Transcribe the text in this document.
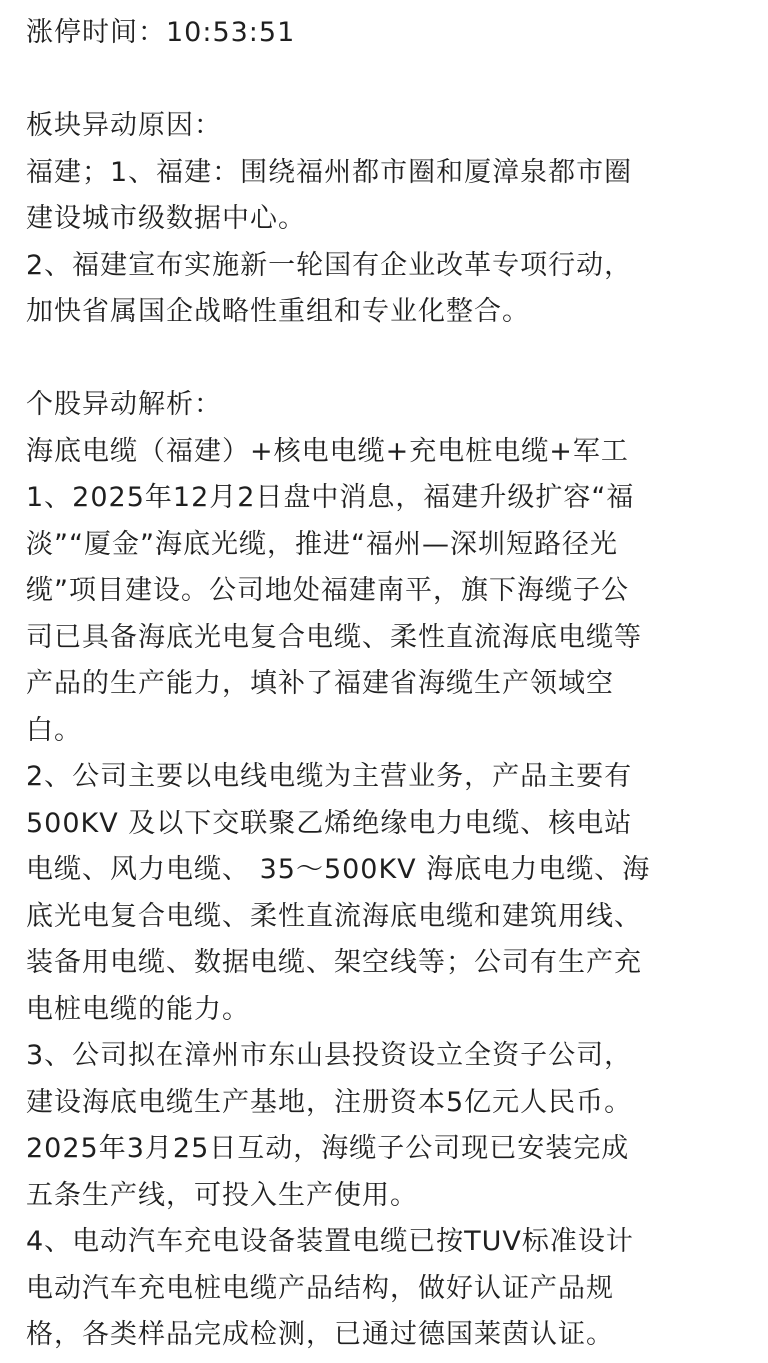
涨停时间：10:53:51
板块异动原因：
福建；1、福建：围绕福州都市圈和厦漳泉都市圈
建设城市级数据中心。
2、福建宣布实施新一轮国有企业改革专项行动，
加快省属国企战略性重组和专业化整合。
个股异动解析：
海底电缆（福建）+核电电缆+充电桩电缆+军工
1、2025年12月2日盘中消息，福建升级扩容“福
淡”“厦金”海底光缆，推进“福州—深圳短路径光
缆”项目建设。公司地处福建南平，旗下海缆子公
司已具备海底光电复合电缆、柔性直流海底电缆等
产品的生产能力，填补了福建省海缆生产领域空
白。
2、公司主要以电线电缆为主营业务，产品主要有
500KV 及以下交联聚乙烯绝缘电力电缆、核电站
电缆、风力电缆、 35～500KV 海底电力电缆、海
底光电复合电缆、柔性直流海底电缆和建筑用线、
装备用电缆、数据电缆、架空线等；公司有生产充
电桩电缆的能力。
3、公司拟在漳州市东山县投资设立全资子公司，
建设海底电缆生产基地，注册资本5亿元人民币。
2025年3月25日互动，海缆子公司现已安装完成
五条生产线，可投入生产使用。
4、电动汽车充电设备装置电缆已按TUV标准设计
电动汽车充电桩电缆产品结构，做好认证产品规
格，各类样品完成检测，已通过德国莱茵认证。
